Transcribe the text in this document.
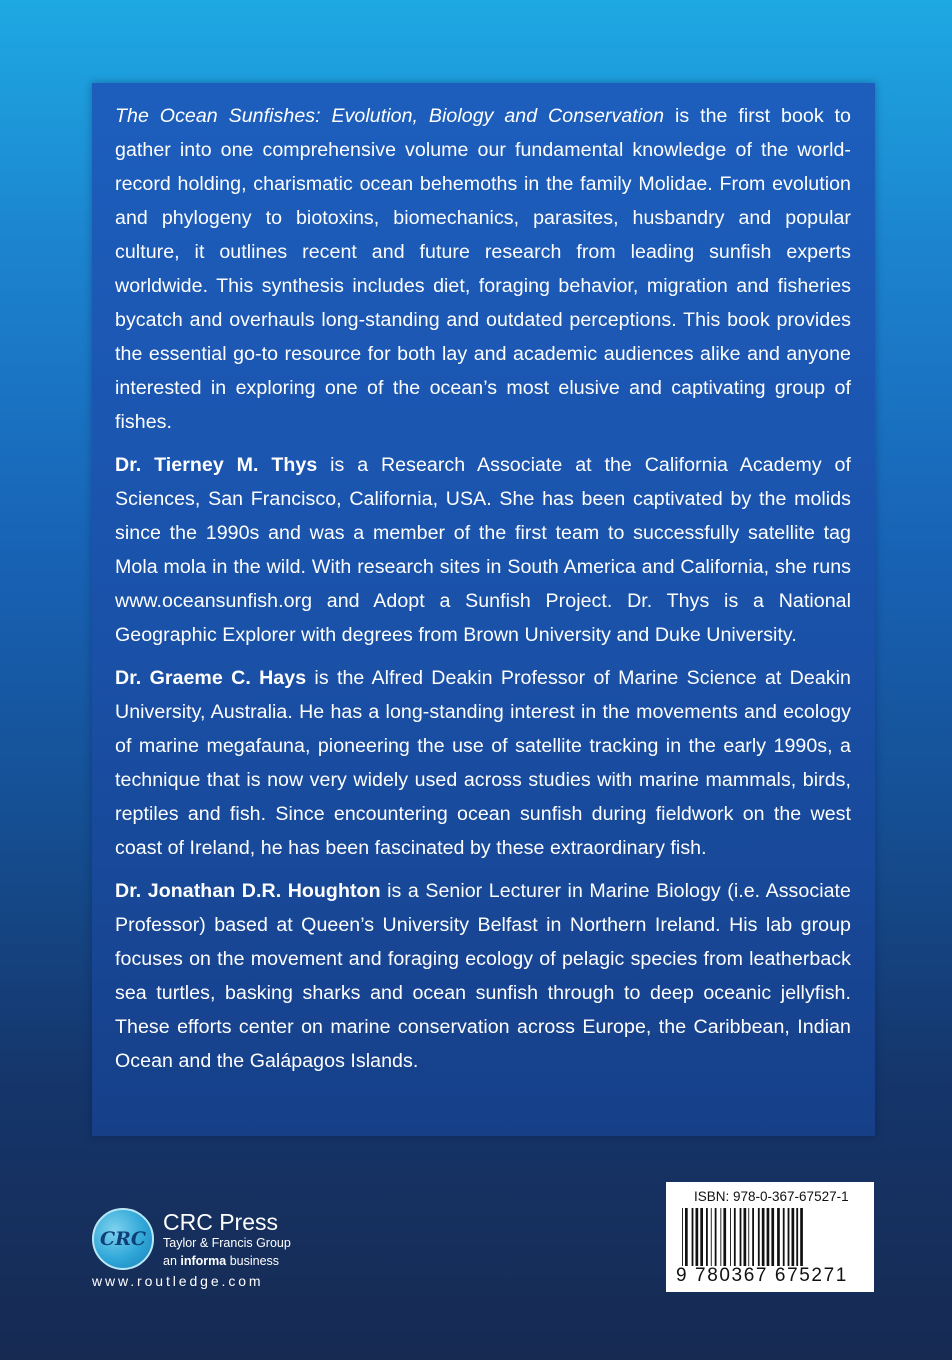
The Ocean Sunfishes: Evolution, Biology and Conservation is the first book to gather into one comprehensive volume our fundamental knowledge of the world-record holding, charismatic ocean behemoths in the family Molidae. From evolution and phylogeny to biotoxins, biomechanics, parasites, husbandry and popular culture, it outlines recent and future research from leading sunfish experts worldwide. This synthesis includes diet, foraging behavior, migration and fisheries bycatch and overhauls long-standing and outdated perceptions. This book provides the essential go-to resource for both lay and academic audiences alike and anyone interested in exploring one of the ocean’s most elusive and captivating group of fishes.

Dr. Tierney M. Thys is a Research Associate at the California Academy of Sciences, San Francisco, California, USA. She has been captivated by the molids since the 1990s and was a member of the first team to successfully satellite tag Mola mola in the wild. With research sites in South America and California, she runs www.oceansunfish.org and Adopt a Sunfish Project. Dr. Thys is a National Geographic Explorer with degrees from Brown University and Duke University.

Dr. Graeme C. Hays is the Alfred Deakin Professor of Marine Science at Deakin University, Australia. He has a long-standing interest in the movements and ecology of marine megafauna, pioneering the use of satellite tracking in the early 1990s, a technique that is now very widely used across studies with marine mammals, birds, reptiles and fish. Since encountering ocean sunfish during fieldwork on the west coast of Ireland, he has been fascinated by these extraordinary fish.

Dr. Jonathan D.R. Houghton is a Senior Lecturer in Marine Biology (i.e. Associate Professor) based at Queen’s University Belfast in Northern Ireland. His lab group focuses on the movement and foraging ecology of pelagic species from leatherback sea turtles, basking sharks and ocean sunfish through to deep oceanic jellyfish. These efforts center on marine conservation across Europe, the Caribbean, Indian Ocean and the Galápagos Islands.

CRC
CRC Press
Taylor & Francis Group
an informa business
www.routledge.com
ISBN: 978-0-367-67527-1
9 780367 675271
